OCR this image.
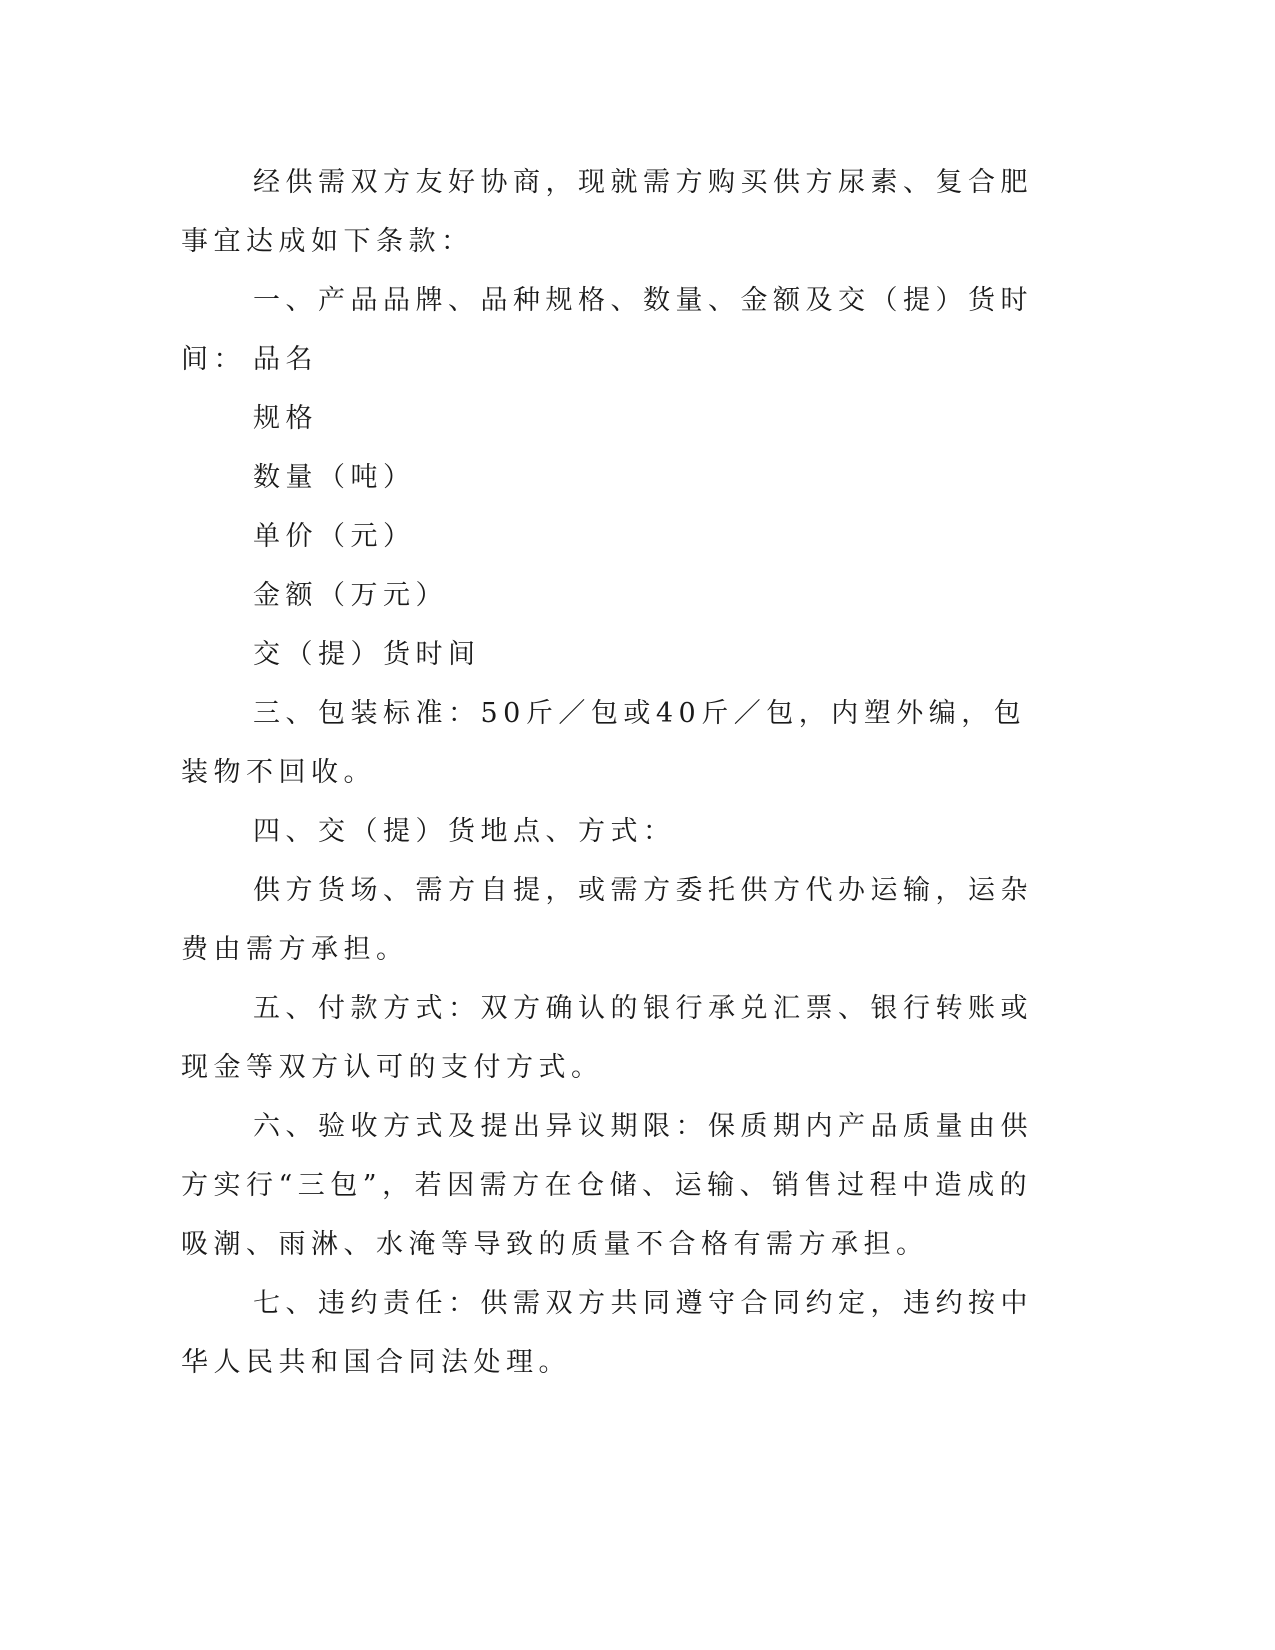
经供需双方友好协商，现就需方购买供方尿素、复合肥事宜达成如下条款：

一、产品品牌、品种规格、数量、金额及交（提）货时间： 品名

规格

数量（吨）

单价（元）

金额（万元）

交（提）货时间

三、包装标准：50斤／包或40斤／包，内塑外编，包装物不回收。

四、交（提）货地点、方式：

供方货场、需方自提，或需方委托供方代办运输，运杂费由需方承担。

五、付款方式：双方确认的银行承兑汇票、银行转账或现金等双方认可的支付方式。

六、验收方式及提出异议期限：保质期内产品质量由供方实行“三包”，若因需方在仓储、运输、销售过程中造成的吸潮、雨淋、水淹等导致的质量不合格有需方承担。

七、违约责任：供需双方共同遵守合同约定，违约按中华人民共和国合同法处理。
